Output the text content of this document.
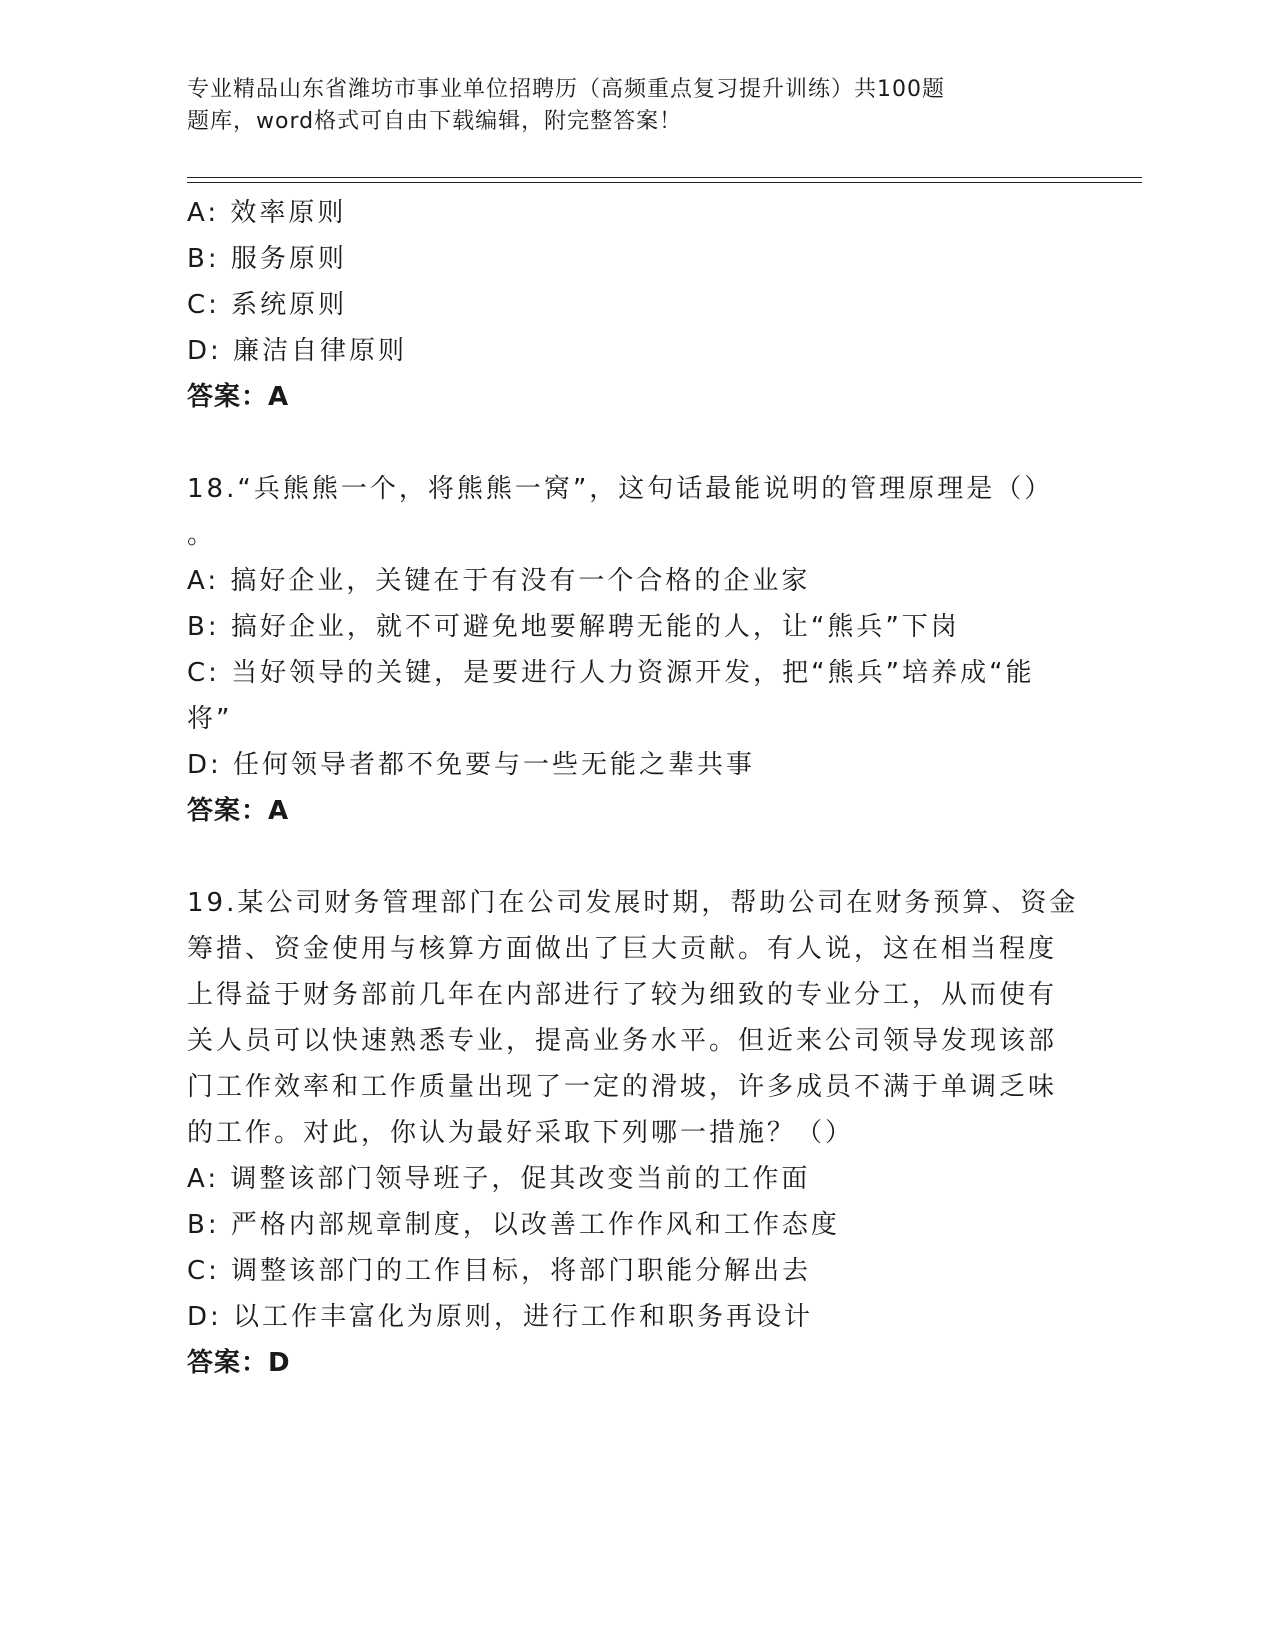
专业精品山东省潍坊市事业单位招聘历（高频重点复习提升训练）共100题
题库，word格式可自由下载编辑，附完整答案！
A: 效率原则
B: 服务原则
C: 系统原则
D: 廉洁自律原则
答案：A
18.“兵熊熊一个，将熊熊一窝”，这句话最能说明的管理原理是（）
。
A: 搞好企业，关键在于有没有一个合格的企业家
B: 搞好企业，就不可避免地要解聘无能的人，让“熊兵”下岗
C: 当好领导的关键，是要进行人力资源开发，把“熊兵”培养成“能
将”
D: 任何领导者都不免要与一些无能之辈共事
答案：A
19.某公司财务管理部门在公司发展时期，帮助公司在财务预算、资金
筹措、资金使用与核算方面做出了巨大贡献。有人说，这在相当程度
上得益于财务部前几年在内部进行了较为细致的专业分工，从而使有
关人员可以快速熟悉专业，提高业务水平。但近来公司领导发现该部
门工作效率和工作质量出现了一定的滑坡，许多成员不满于单调乏味
的工作。对此，你认为最好采取下列哪一措施？（）
A: 调整该部门领导班子，促其改变当前的工作面
B: 严格内部规章制度，以改善工作作风和工作态度
C: 调整该部门的工作目标，将部门职能分解出去
D: 以工作丰富化为原则，进行工作和职务再设计
答案：D
